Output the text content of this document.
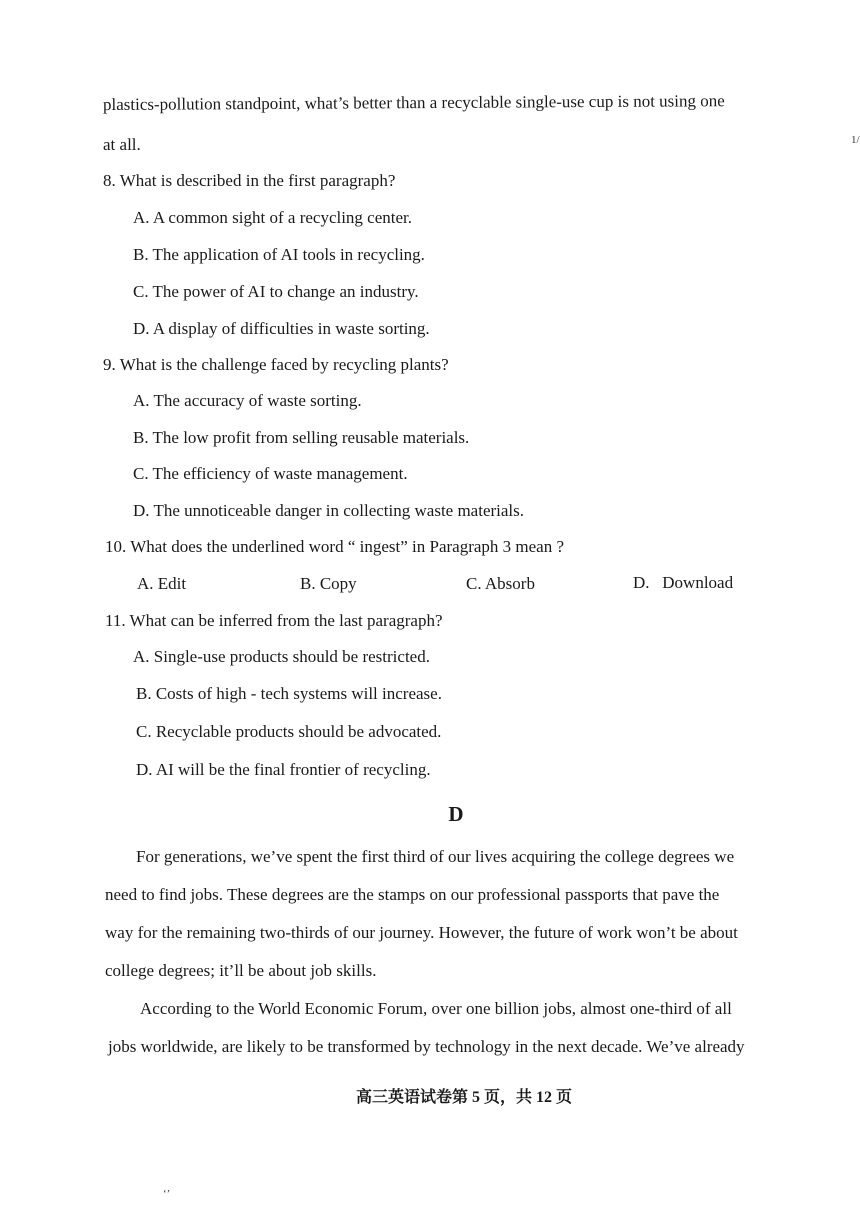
plastics-pollution standpoint, what’s better than a recyclable single-use cup is not using one
at all.	1/
8. What is described in the first paragraph?
A. A common sight of a recycling center.
B. The application of AI tools in recycling.
C. The power of AI to change an industry.
D. A display of difficulties in waste sorting.
9. What is the challenge faced by recycling plants?
A. The accuracy of waste sorting.
B. The low profit from selling reusable materials.
C. The efficiency of waste management.
D. The unnoticeable danger in collecting waste materials.
10. What does the underlined word “ ingest” in Paragraph 3 mean ?
A. Edit	B. Copy	C. Absorb	D.   Download
11. What can be inferred from the last paragraph?
A. Single-use products should be restricted.
B. Costs of high - tech systems will increase.
C. Recyclable products should be advocated.
D. AI will be the final frontier of recycling.
D
For generations, we’ve spent the first third of our lives acquiring the college degrees we
need to find jobs. These degrees are the stamps on our professional passports that pave the
way for the remaining two-thirds of our journey. However, the future of work won’t be about
college degrees; it’ll be about job skills.
According to the World Economic Forum, over one billion jobs, almost one-third of all
jobs worldwide, are likely to be transformed by technology in the next decade. We’ve already
高三英语试卷第 5 页，共 12 页
‘’
